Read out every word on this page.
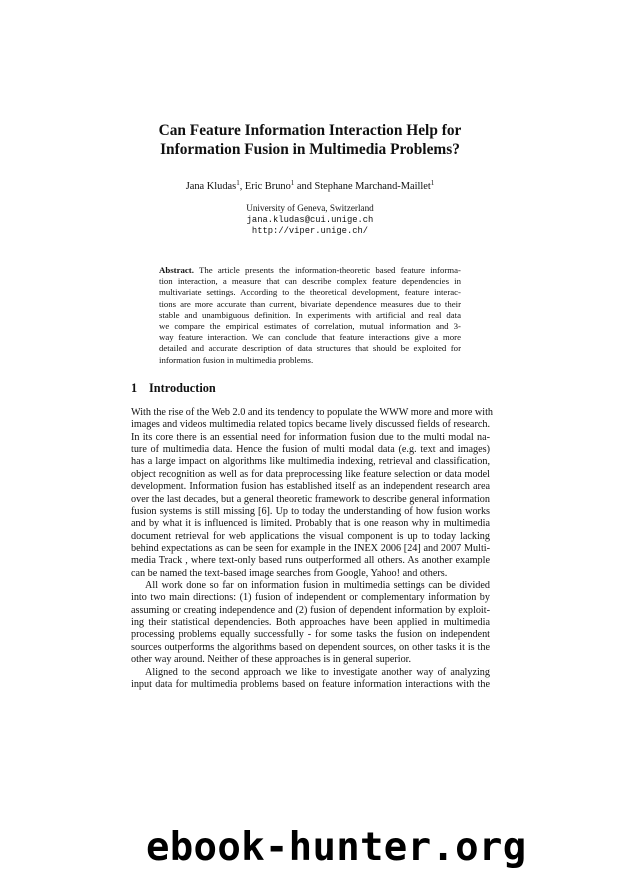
Can Feature Information Interaction Help for
Information Fusion in Multimedia Problems?
Jana Kludas$^1$, Eric Bruno$^1$ and Stephane Marchand-Maillet$^1$
University of Geneva, Switzerland
jana.kludas@cui.unige.ch
http://viper.unige.ch/
Abstract. The article presents the information-theoretic based feature informa-
tion interaction, a measure that can describe complex feature dependencies in
multivariate settings. According to the theoretical development, feature interac-
tions are more accurate than current, bivariate dependence measures due to their
stable and unambiguous definition. In experiments with artificial and real data
we compare the empirical estimates of correlation, mutual information and 3-
way feature interaction. We can conclude that feature interactions give a more
detailed and accurate description of data structures that should be exploited for
information fusion in multimedia problems.
1 Introduction
With the rise of the Web 2.0 and its tendency to populate the WWW more and more with
images and videos multimedia related topics became lively discussed fields of research.
In its core there is an essential need for information fusion due to the multi modal na-
ture of multimedia data. Hence the fusion of multi modal data (e.g. text and images)
has a large impact on algorithms like multimedia indexing, retrieval and classification,
object recognition as well as for data preprocessing like feature selection or data model
development. Information fusion has established itself as an independent research area
over the last decades, but a general theoretic framework to describe general information
fusion systems is still missing [6]. Up to today the understanding of how fusion works
and by what it is influenced is limited. Probably that is one reason why in multimedia
document retrieval for web applications the visual component is up to today lacking
behind expectations as can be seen for example in the INEX 2006 [24] and 2007 Multi-
media Track , where text-only based runs outperformed all others. As another example
can be named the text-based image searches from Google, Yahoo! and others.
All work done so far on information fusion in multimedia settings can be divided
into two main directions: (1) fusion of independent or complementary information by
assuming or creating independence and (2) fusion of dependent information by exploit-
ing their statistical dependencies. Both approaches have been applied in multimedia
processing problems equally successfully - for some tasks the fusion on independent
sources outperforms the algorithms based on dependent sources, on other tasks it is the
other way around. Neither of these approaches is in general superior.
Aligned to the second approach we like to investigate another way of analyzing
input data for multimedia problems based on feature information interactions with the
ebook-hunter.org
